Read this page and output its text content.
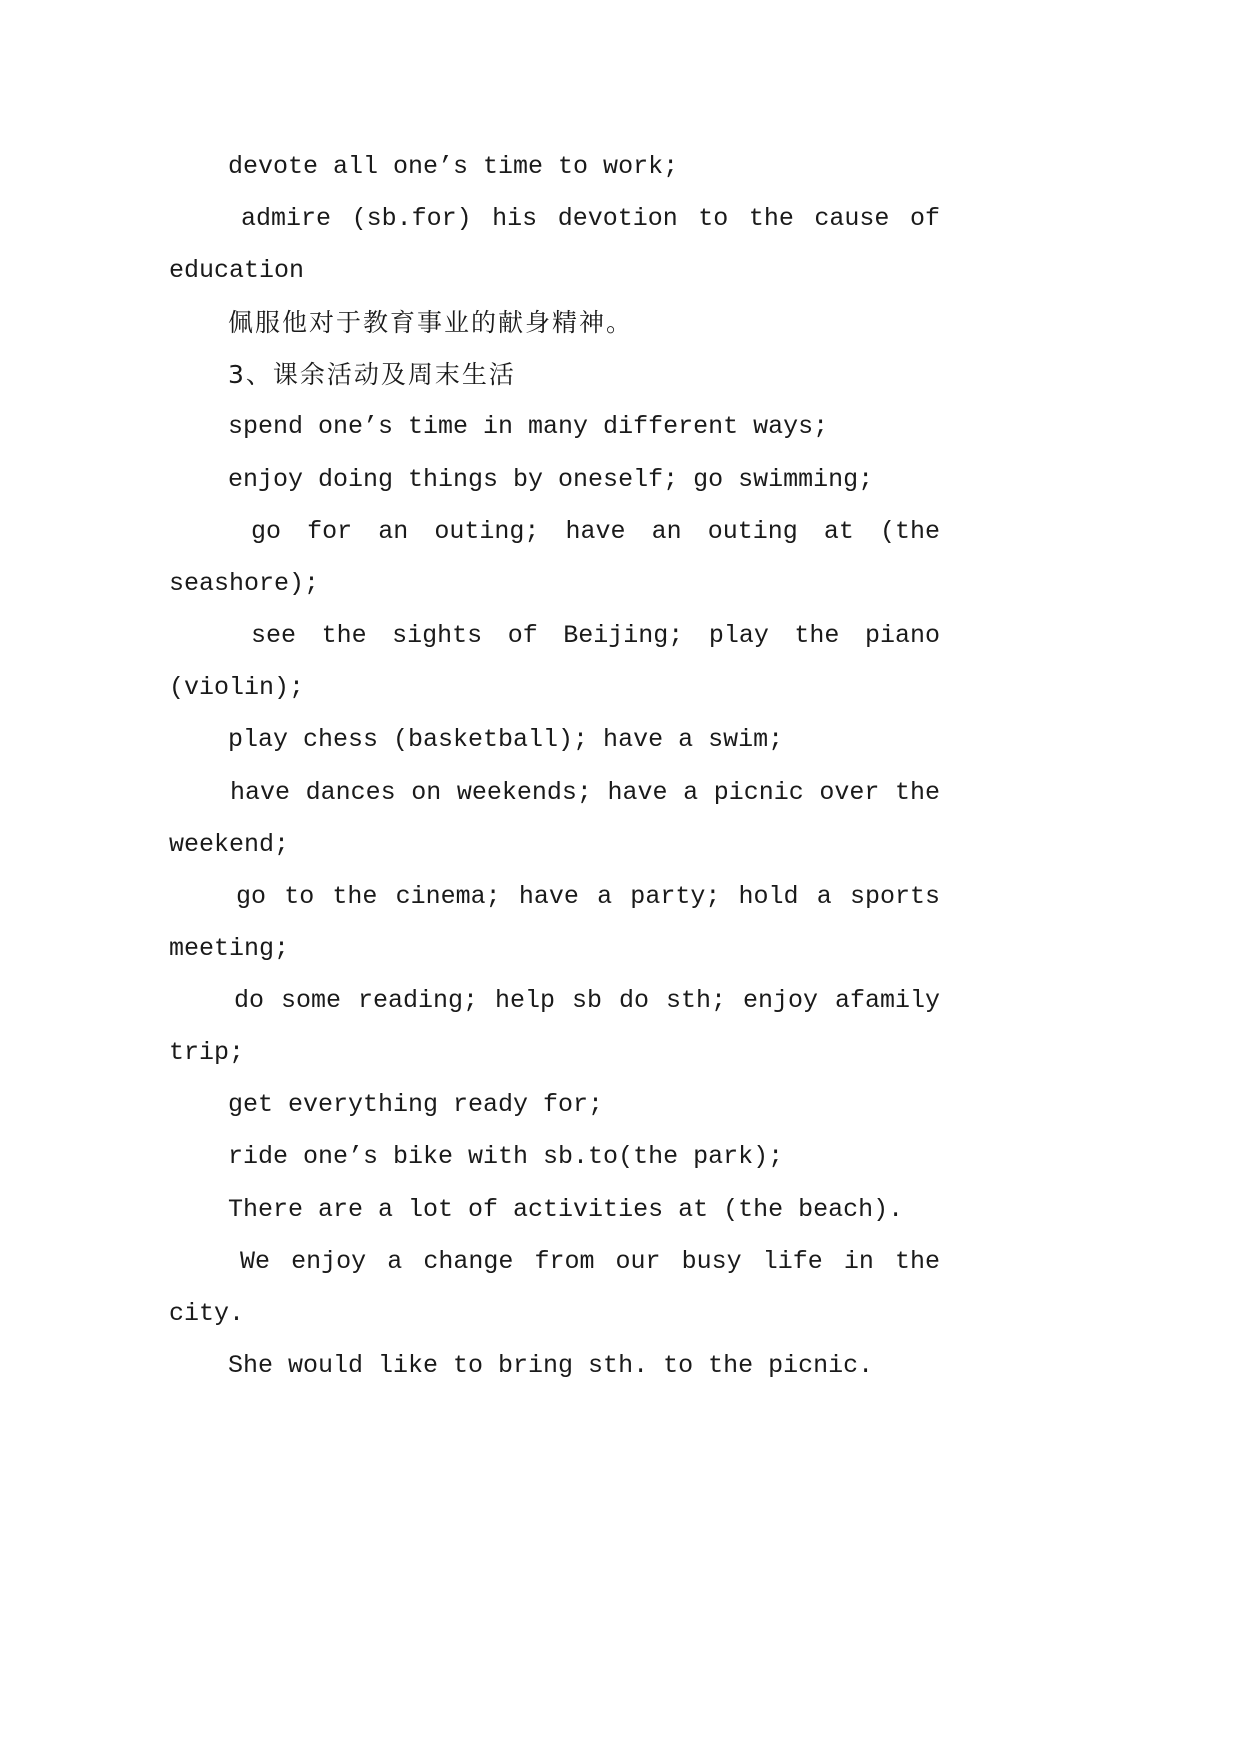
devote all one’s time to work;
admire (sb.for) his devotion to the cause of
education
佩服他对于教育事业的献身精神。
3、课余活动及周末生活
spend one’s time in many different ways;
enjoy doing things by oneself; go swimming;
go for an outing; have an outing at (the
seashore);
see the sights of Beijing; play the piano
(violin);
play chess (basketball); have a swim;
have dances on weekends; have a picnic over the
weekend;
go to the cinema; have a party; hold a sports
meeting;
do some reading; help sb do sth; enjoy afamily
trip;
get everything ready for;
ride one’s bike with sb.to(the park);
There are a lot of activities at (the beach).
We enjoy a change from our busy life in the
city.
She would like to bring sth. to the picnic.
